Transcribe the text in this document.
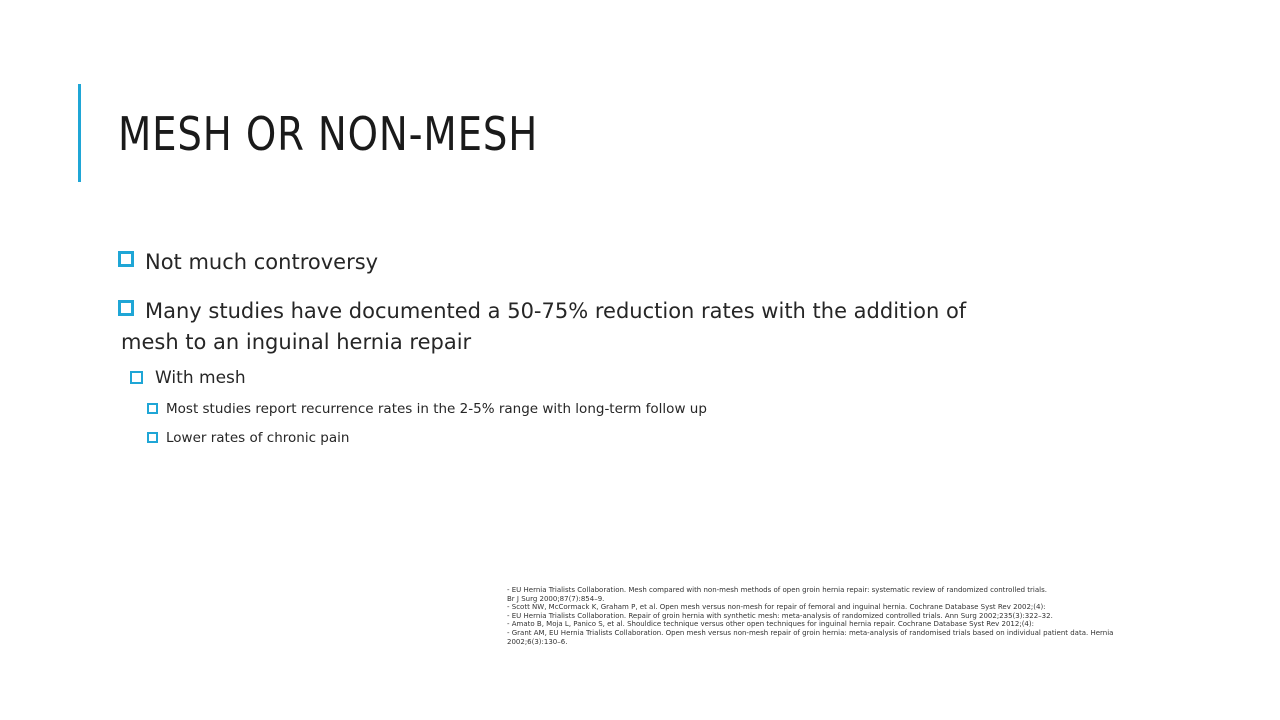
MESH OR NON-MESH
Not much controversy
Many studies have documented a 50-75% reduction rates with the addition of
mesh to an inguinal hernia repair
With mesh
Most studies report recurrence rates in the 2-5% range with long-term follow up
Lower rates of chronic pain
- EU Hernia Trialists Collaboration. Mesh compared with non-mesh methods of open groin hernia repair: systematic review of randomized controlled trials.
Br J Surg 2000;87(7):854–9.
- Scott NW, McCormack K, Graham P, et al. Open mesh versus non-mesh for repair of femoral and inguinal hernia. Cochrane Database Syst Rev 2002;(4):
- EU Hernia Trialists Collaboration. Repair of groin hernia with synthetic mesh: meta-analysis of randomized controlled trials. Ann Surg 2002;235(3):322–32.
- Amato B, Moja L, Panico S, et al. Shouldice technique versus other open techniques for inguinal hernia repair. Cochrane Database Syst Rev 2012;(4):
- Grant AM, EU Hernia Trialists Collaboration. Open mesh versus non-mesh repair of groin hernia: meta-analysis of randomised trials based on individual patient data. Hernia
2002;6(3):130–6.
